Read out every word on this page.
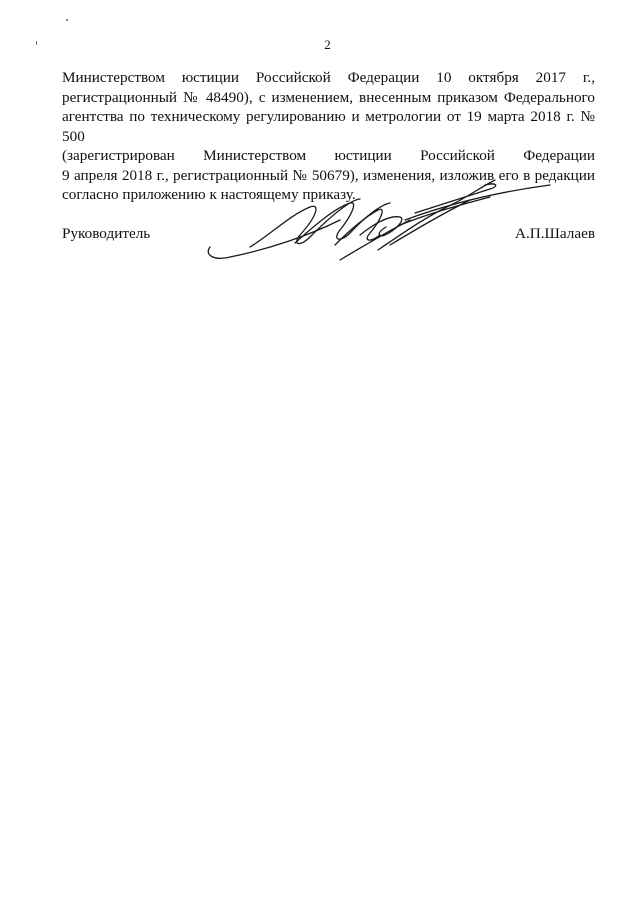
2
Министерством юстиции Российской Федерации 10 октября 2017 г.,
регистрационный № 48490), с изменением, внесенным приказом Федерального
агентства по техническому регулированию и метрологии от 19 марта 2018 г. № 500
(зарегистрирован Министерством юстиции Российской Федерации
9 апреля 2018 г., регистрационный № 50679), изменения, изложив его в редакции
согласно приложению к настоящему приказу.
Руководитель	А.П.Шалаев
